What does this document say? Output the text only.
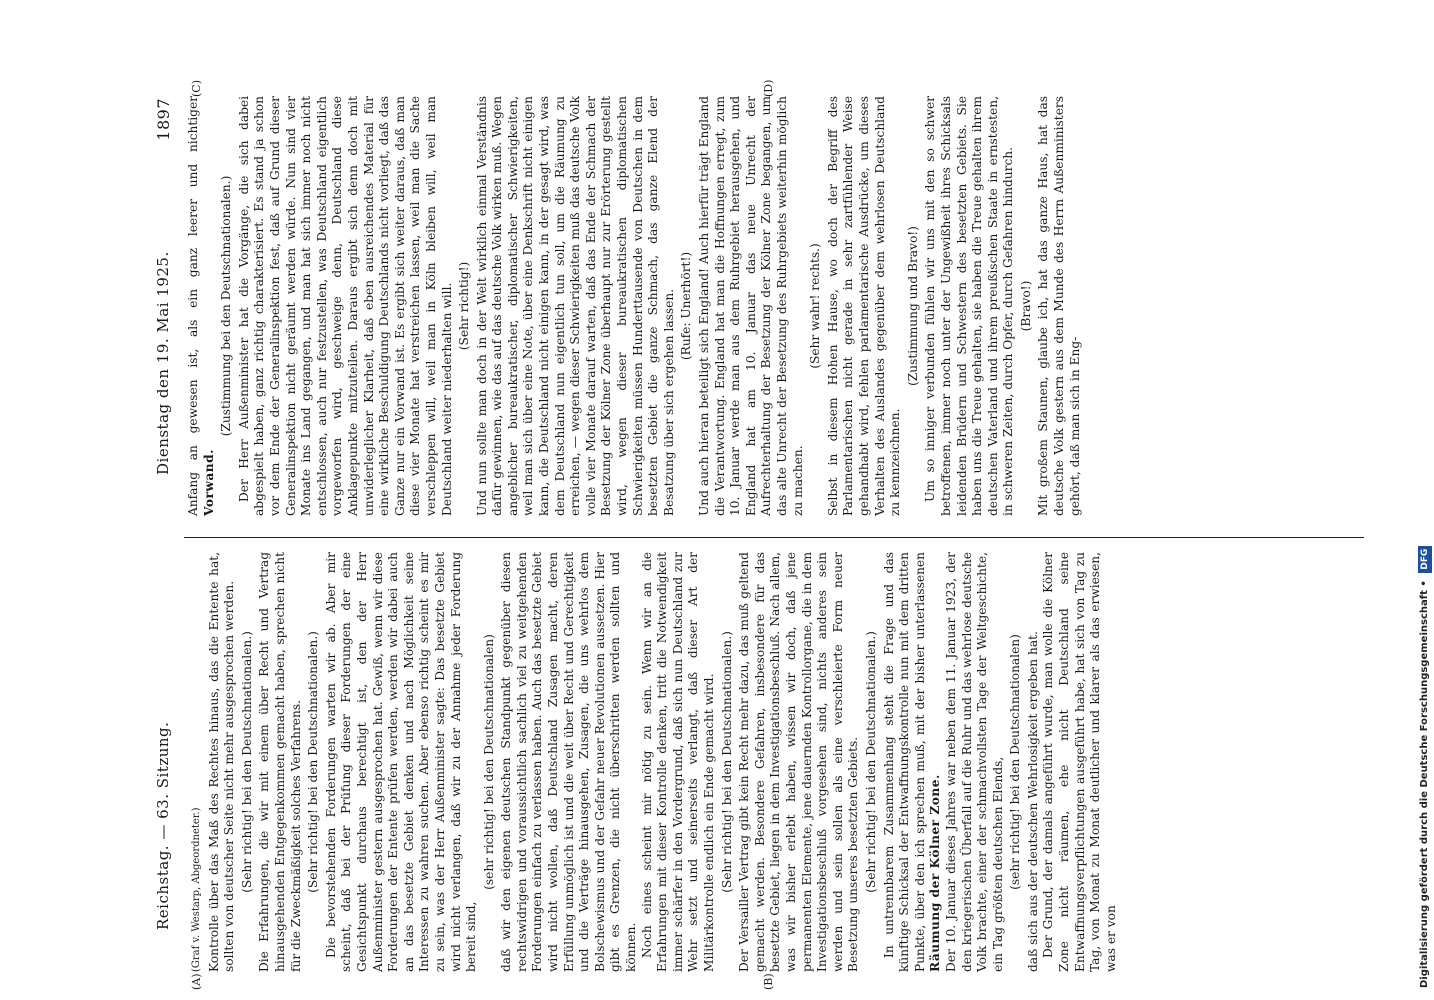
Reichstag. — 63. Sitzung.
Dienstag den 19. Mai 1925.
1897
(A)	(B)
(C)	(D)

(Graf v. Westarp, Abgeordneter.) Kontrolle über das Maß des Rechtes hinaus, das die Entente hat, sollten von deutscher Seite nicht mehr ausgesprochen werden. (Sehr richtig! bei den Deutschnationalen.) Die Erfahrungen, die wir mit einem über Recht und Vertrag hinausgehenden Entgegenkommen gemacht haben, sprechen nicht für die Zweckmäßigkeit solches Verfahrens. (Sehr richtig! bei den Deutschnationalen.) Die bevorstehenden Forderungen warten wir ab. Aber mir scheint, daß bei der Prüfung dieser Forderungen der eine Gesichtspunkt durchaus berechtigt ist, den der Herr Außenminister gestern ausgesprochen hat. Gewiß, wenn wir diese Forderungen der Entente prüfen werden, werden wir dabei auch an das besetzte Gebiet denken und nach Möglichkeit seine Interessen zu wahren suchen. Aber ebenso richtig scheint es mir zu sein, was der Herr Außenminister sagte: Das besetzte Gebiet wird nicht verlangen, daß wir zu der Annahme jeder Forderung bereit sind,

(sehr richtig! bei den Deutschnationalen) daß wir den eigenen deutschen Standpunkt gegenüber diesen rechtswidrigen und voraussichtlich sachlich viel zu weitgehenden Forderungen einfach zu verlassen haben. Auch das besetzte Gebiet wird nicht wollen, daß Deutschland Zusagen macht, deren Erfüllung unmöglich ist und die weit über Recht und Gerechtigkeit und die Verträge hinausgehen, Zusagen, die uns wehrlos dem Bolschewismus und der Gefahr neuer Revolutionen aussetzen. Hier gibt es Grenzen, die nicht überschritten werden sollten und können. Noch eines scheint mir nötig zu sein. Wenn wir an die Erfahrungen mit dieser Kontrolle denken, tritt die Notwendigkeit immer schärfer in den Vordergrund, daß sich nun Deutschland zur Wehr setzt und seinerseits verlangt, daß dieser Art der Militärkontrolle endlich ein Ende gemacht wird. (Sehr richtig! bei den Deutschnationalen.) Der Versailler Vertrag gibt kein Recht mehr dazu, das muß geltend gemacht werden. Besondere Gefahren, insbesondere für das besetzte Gebiet, liegen in dem Investigationsbeschluß. Nach allem, was wir bisher erlebt haben, wissen wir doch, daß jene permanenten Elemente, jene dauernden Kontrollorgane, die in dem Investigationsbeschluß vorgesehen sind, nichts anderes sein werden und sein sollen als eine verschleierte Form neuer Besetzung unseres besetzten Gebiets. (Sehr richtig! bei den Deutschnationalen.) In untrennbarem Zusammenhang steht die Frage und das künftige Schicksal der Entwaffnungskontrolle nun mit dem dritten Punkte, über den ich sprechen muß, mit der bisher unterlassenen Räumung der Kölner Zone. Der 10. Januar dieses Jahres war neben dem 11. Januar 1923, der den kriegerischen Überfall auf die Ruhr und das wehrlose deutsche Volk brachte, einer der schmachvollsten Tage der Weltgeschichte, ein Tag größten deutschen Elends, (sehr richtig! bei den Deutschnationalen) daß sich aus der deutschen Wehrlosigkeit ergeben hat. Der Grund, der damals angeführt wurde, man wolle die Kölner Zone nicht räumen, ehe nicht Deutschland seine Entwaffnungsverpflichtungen ausgeführt habe, hat sich von Tag zu Tag, von Monat zu Monat deutlicher und klarer als das erwiesen, was er von

Anfang an gewesen ist, als ein ganz leerer und nichtiger Vorwand.

(Zustimmung bei den Deutschnationalen.) Der Herr Außenminister hat die Vorgänge, die sich dabei abgespielt haben, ganz richtig charakterisiert. Es stand ja schon vor dem Ende der Generalinspektion fest, daß auf Grund dieser Generalinspektion nicht geräumt werden würde. Nun sind vier Monate ins Land gegangen, und man hat sich immer noch nicht entschlossen, auch nur festzustellen, was Deutschland eigentlich vorgeworfen wird, geschweige denn, Deutschland diese Anklagepunkte mitzuteilen. Daraus ergibt sich denn doch mit unwiderleglicher Klarheit, daß eben ausreichendes Material für eine wirkliche Beschuldigung Deutschlands nicht vorliegt, daß das Ganze nur ein Vorwand ist. Es ergibt sich weiter daraus, daß man diese vier Monate hat verstreichen lassen, weil man die Sache verschleppen will, weil man in Köln bleiben will, weil man Deutschland weiter niederhalten will. (Sehr richtig!) Und nun sollte man doch in der Welt wirklich einmal Verständnis dafür gewinnen, wie das auf das deutsche Volk wirken muß. Wegen angeblicher bureaukratischer, diplomatischer Schwierigkeiten, weil man sich über eine Note, über eine Denkschrift nicht einigen kann, die Deutschland nicht einigen kann, in der gesagt wird, was dem Deutschland nun eigentlich tun soll, um die Räumung zu erreichen, — wegen dieser Schwierigkeiten muß das deutsche Volk volle vier Monate darauf warten, daß das Ende der Schmach der Besetzung der Kölner Zone überhaupt nur zur Erörterung gestellt wird, wegen dieser bureaukratischen diplomatischen Schwierigkeiten müssen Hunderttausende von Deutschen in dem besetzten Gebiet die ganze Schmach, das ganze Elend der Besatzung über sich ergehen lassen. (Rufe: Unerhört!) Und auch hieran beteiligt sich England! Auch hierfür trägt England die Verantwortung. England hat man die Hoffnungen erregt, zum 10. Januar werde man aus dem Ruhrgebiet herausgehen, und England hat am 10. Januar das neue Unrecht der Aufrechterhaltung der Besetzung der Kölner Zone begangen, um das alte Unrecht der Besetzung des Ruhrgebiets weiterhin möglich zu machen.

(Sehr wahr! rechts.) Selbst in diesem Hohen Hause, wo doch der Begriff des Parlamentarischen nicht gerade in sehr zartfühlender Weise gehandhabt wird, fehlen parlamentarische Ausdrücke, um dieses Verhalten des Auslandes gegenüber dem wehrlosen Deutschland zu kennzeichnen.

(Zustimmung und Bravo!) Um so inniger verbunden fühlen wir uns mit den so schwer betroffenen, immer noch unter der Ungewißheit ihres Schicksals leidenden Brüdern und Schwestern des besetzten Gebiets. Sie haben uns die Treue gehalten, sie haben die Treue gehalten ihrem deutschen Vaterland und ihrem preußischen Staate in ernstesten, in schweren Zeiten, durch Opfer, durch Gefahren hindurch. (Bravo!) Mit großem Staunen, glaube ich, hat das ganze Haus, hat das deutsche Volk gestern aus dem Munde des Herrn Außenministers gehört, daß man sich in Eng-

Digitalisierung gefördert durch die Deutsche Forschungsgemeinschaft • DFG
